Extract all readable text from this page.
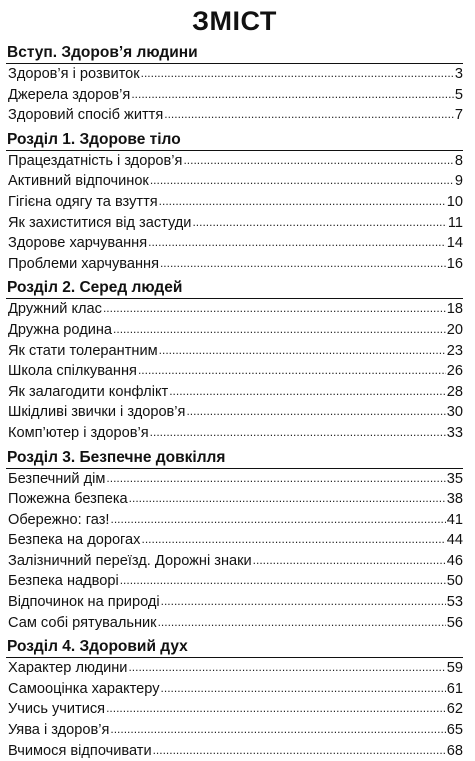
ЗМІСТ
Вступ. Здоров’я людини
Здоров’я і розвиток .....	3
Джерела здоров’я .....	5
Здоровий спосіб життя .....	7
Розділ 1. Здорове тіло
Працездатність і здоров’я .....	8
Активний відпочинок .....	9
Гігієна одягу та взуття .....	10
Як захиститися від застуди .....	11
Здорове харчування .....	14
Проблеми харчування .....	16
Розділ 2. Серед людей
Дружний клас .....	18
Дружна родина .....	20
Як стати толерантним .....	23
Школа спілкування .....	26
Як залагодити конфлікт .....	28
Шкідливі звички і здоров’я .....	30
Комп’ютер і здоров’я .....	33
Розділ 3. Безпечне довкілля
Безпечний дім .....	35
Пожежна безпека .....	38
Обережно: газ! .....	41
Безпека на дорогах .....	44
Залізничний переїзд. Дорожні знаки .....	46
Безпека надворі .....	50
Відпочинок на природі .....	53
Сам собі рятувальник .....	56
Розділ 4. Здоровий дух
Характер людини .....	59
Самооцінка характеру .....	61
Учись учитися .....	62
Уява і здоров’я .....	65
Вчимося відпочивати .....	68
